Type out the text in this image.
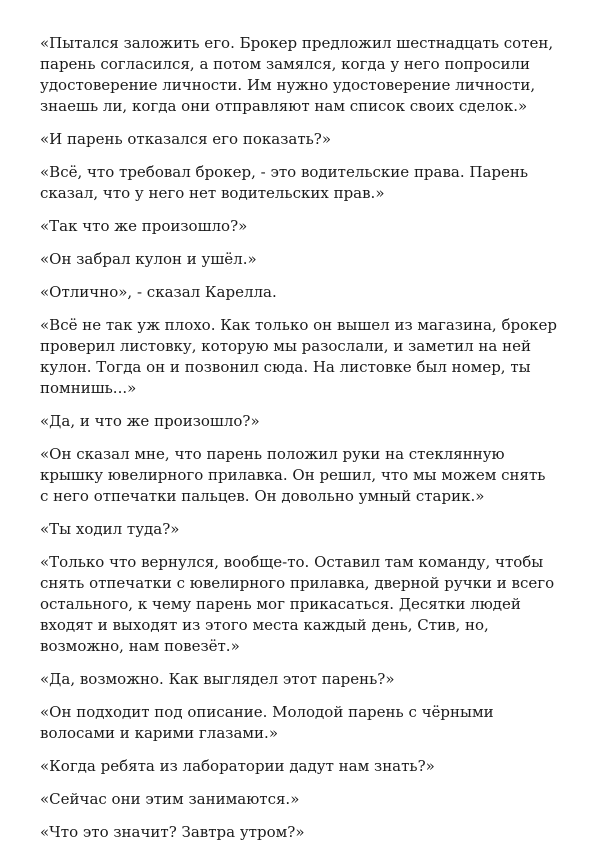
«Пытался заложить его. Брокер предложил шестнадцать сотен,
парень согласился, а потом замялся, когда у него попросили
удостоверение личности. Им нужно удостоверение личности,
знаешь ли, когда они отправляют нам список своих сделок.»

«И парень отказался его показать?»

«Всё, что требовал брокер, - это водительские права. Парень
сказал, что у него нет водительских прав.»

«Так что же произошло?»

«Он забрал кулон и ушёл.»

«Отлично», - сказал Карелла.

«Всё не так уж плохо. Как только он вышел из магазина, брокер
проверил листовку, которую мы разослали, и заметил на ней
кулон. Тогда он и позвонил сюда. На листовке был номер, ты
помнишь...»

«Да, и что же произошло?»

«Он сказал мне, что парень положил руки на стеклянную
крышку ювелирного прилавка. Он решил, что мы можем снять
с него отпечатки пальцев. Он довольно умный старик.»

«Ты ходил туда?»

«Только что вернулся, вообще-то. Оставил там команду, чтобы
снять отпечатки с ювелирного прилавка, дверной ручки и всего
остального, к чему парень мог прикасаться. Десятки людей
входят и выходят из этого места каждый день, Стив, но,
возможно, нам повезёт.»

«Да, возможно. Как выглядел этот парень?»

«Он подходит под описание. Молодой парень с чёрными
волосами и карими глазами.»

«Когда ребята из лаборатории дадут нам знать?»

«Сейчас они этим занимаются.»

«Что это значит? Завтра утром?»
